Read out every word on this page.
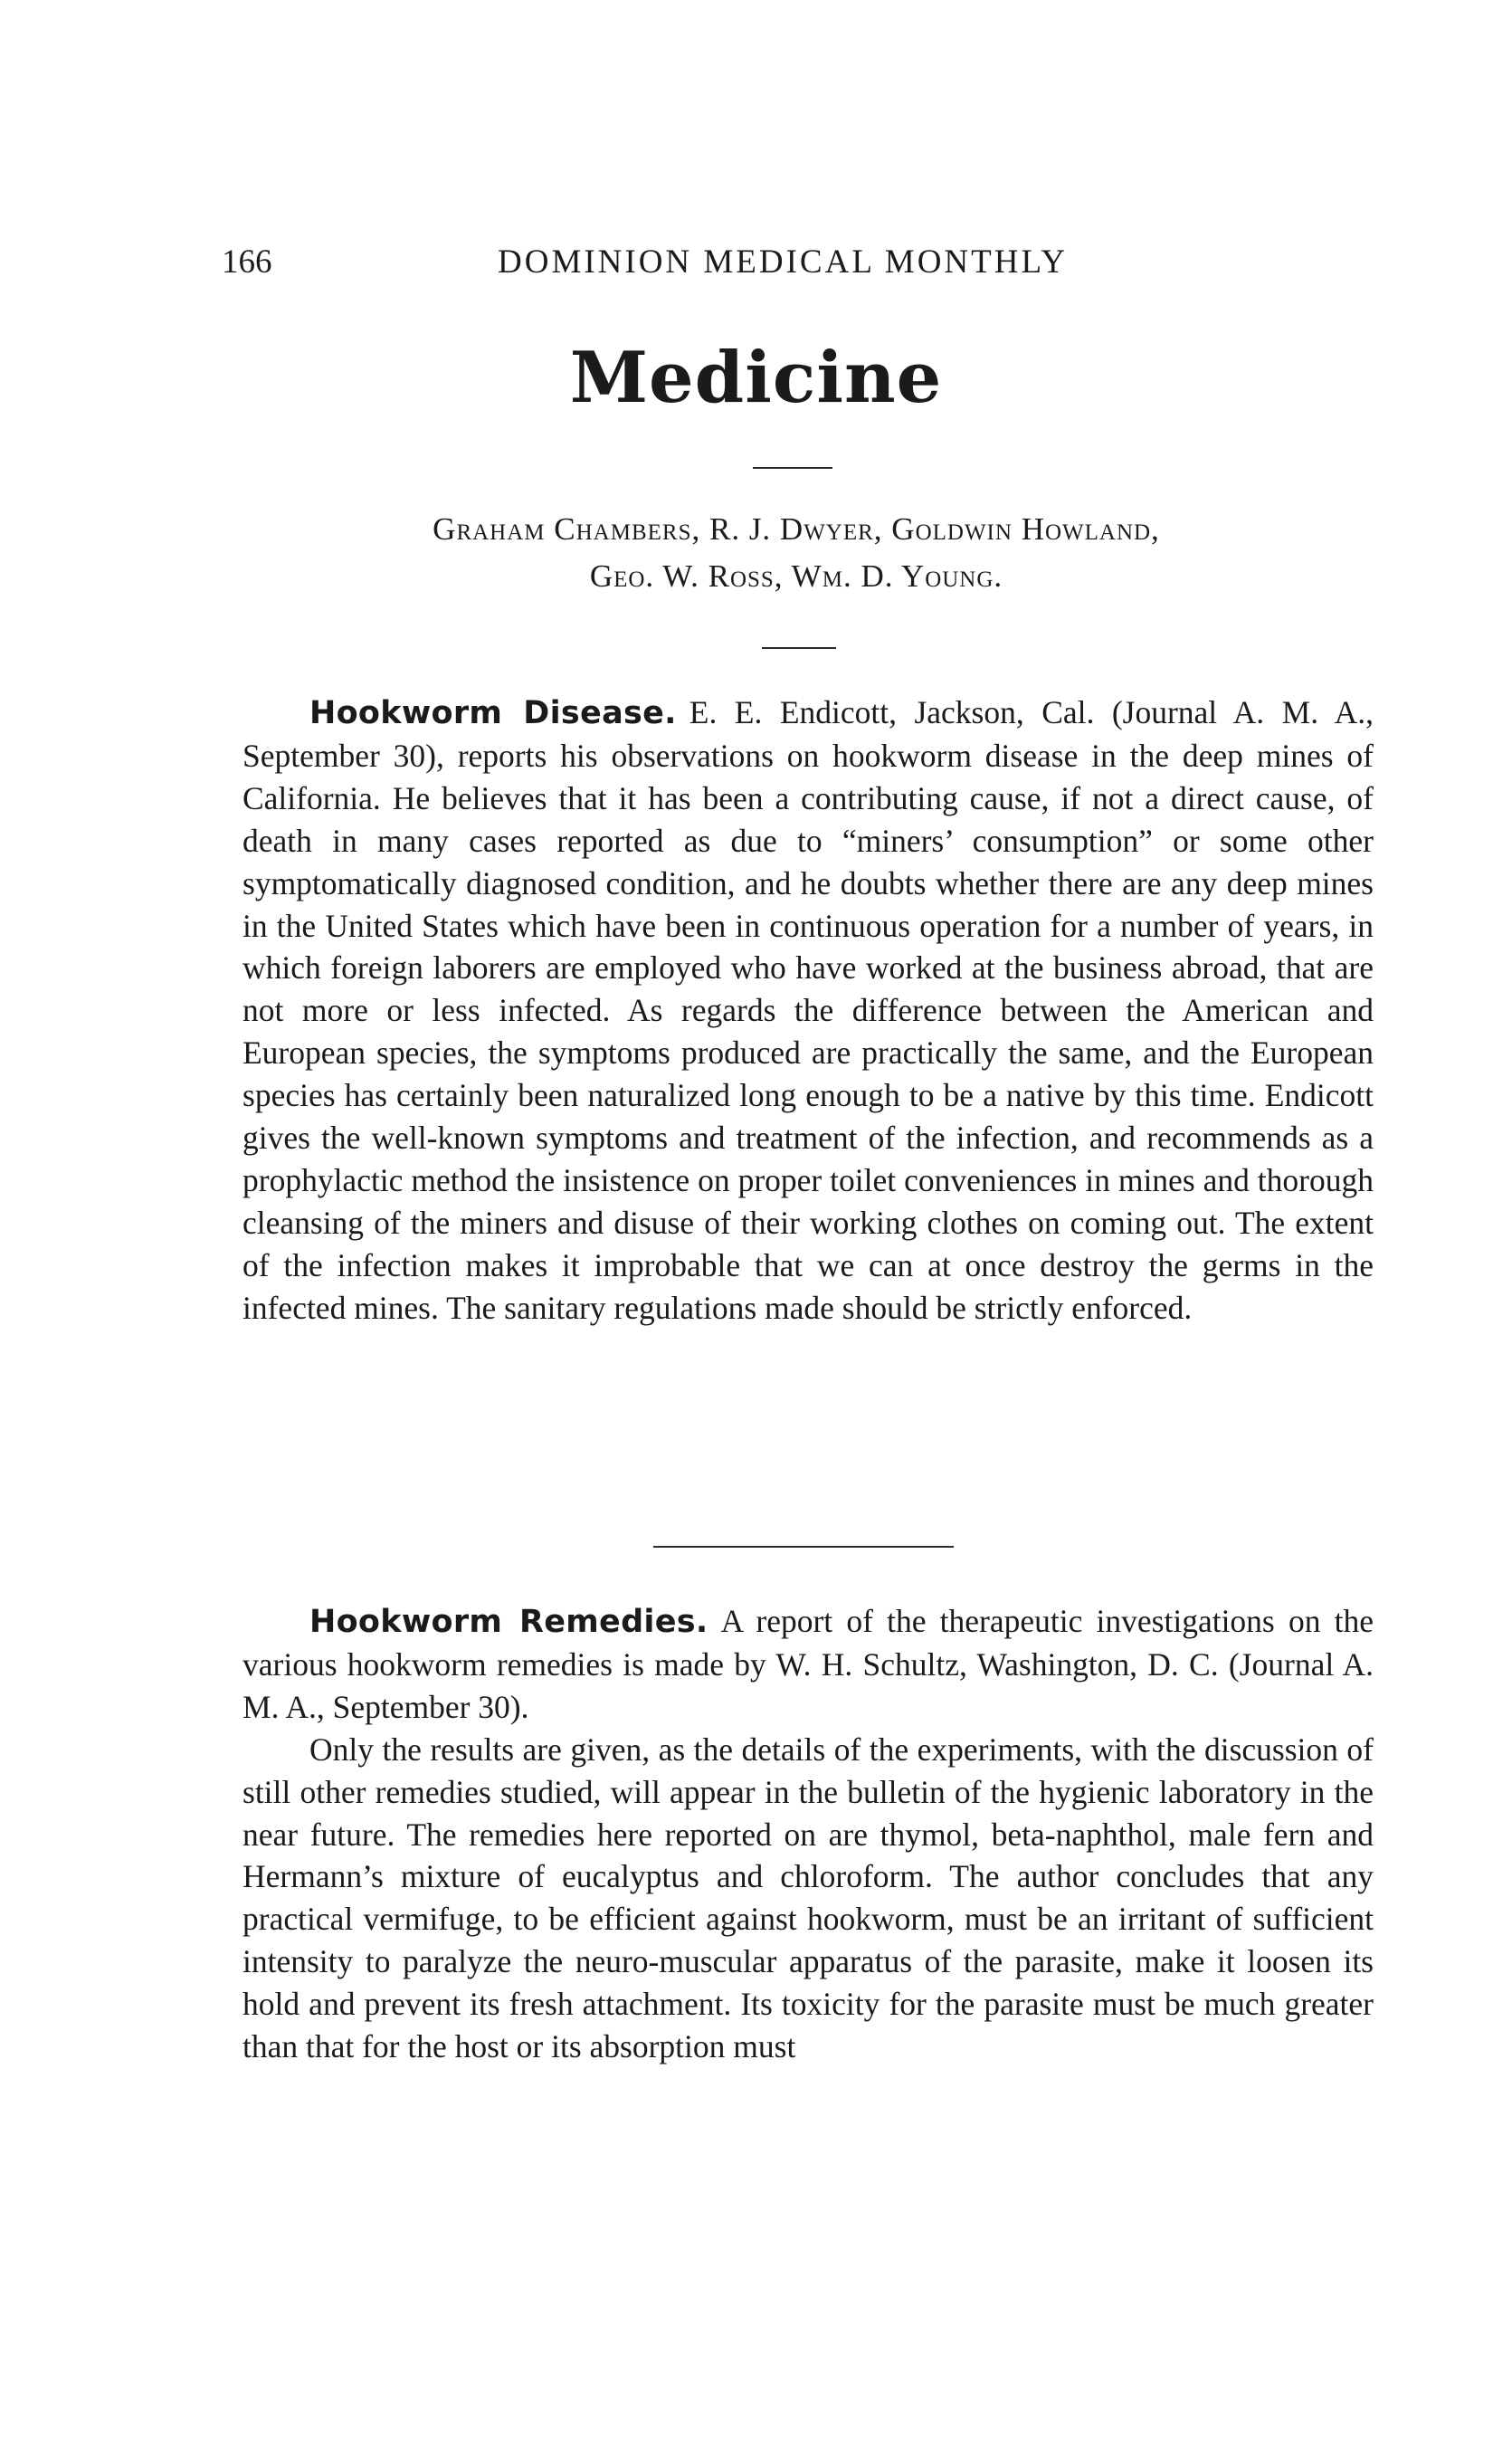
166	DOMINION MEDICAL MONTHLY
Medicine
Graham Chambers, R. J. Dwyer, Goldwin Howland,
Geo. W. Ross, Wm. D. Young.

Hookworm Disease. E. E. Endicott, Jackson, Cal. (Journal A. M. A., September 30), reports his observations on hookworm disease in the deep mines of California. He believes that it has been a contributing cause, if not a direct cause, of death in many cases reported as due to “miners’ consumption” or some other symptomatically diagnosed condition, and he doubts whether there are any deep mines in the United States which have been in continuous operation for a number of years, in which foreign laborers are employed who have worked at the business abroad, that are not more or less infected. As regards the difference between the American and European species, the symptoms produced are practically the same, and the European species has certainly been naturalized long enough to be a native by this time. Endicott gives the well-known symptoms and treatment of the infection, and recommends as a prophylactic method the insistence on proper toilet conveniences in mines and thorough cleansing of the miners and disuse of their working clothes on coming out. The extent of the infection makes it improbable that we can at once destroy the germs in the infected mines. The sanitary regulations made should be strictly enforced.

Hookworm Remedies. A report of the therapeutic investigations on the various hookworm remedies is made by W. H. Schultz, Washington, D. C. (Journal A. M. A., September 30).

Only the results are given, as the details of the experiments, with the discussion of still other remedies studied, will appear in the bulletin of the hygienic laboratory in the near future. The remedies here reported on are thymol, beta-naphthol, male fern and Hermann’s mixture of eucalyptus and chloroform. The author concludes that any practical vermifuge, to be efficient against hookworm, must be an irritant of sufficient intensity to paralyze the neuro-muscular apparatus of the parasite, make it loosen its hold and prevent its fresh attachment. Its toxicity for the parasite must be much greater than that for the host or its absorption must
